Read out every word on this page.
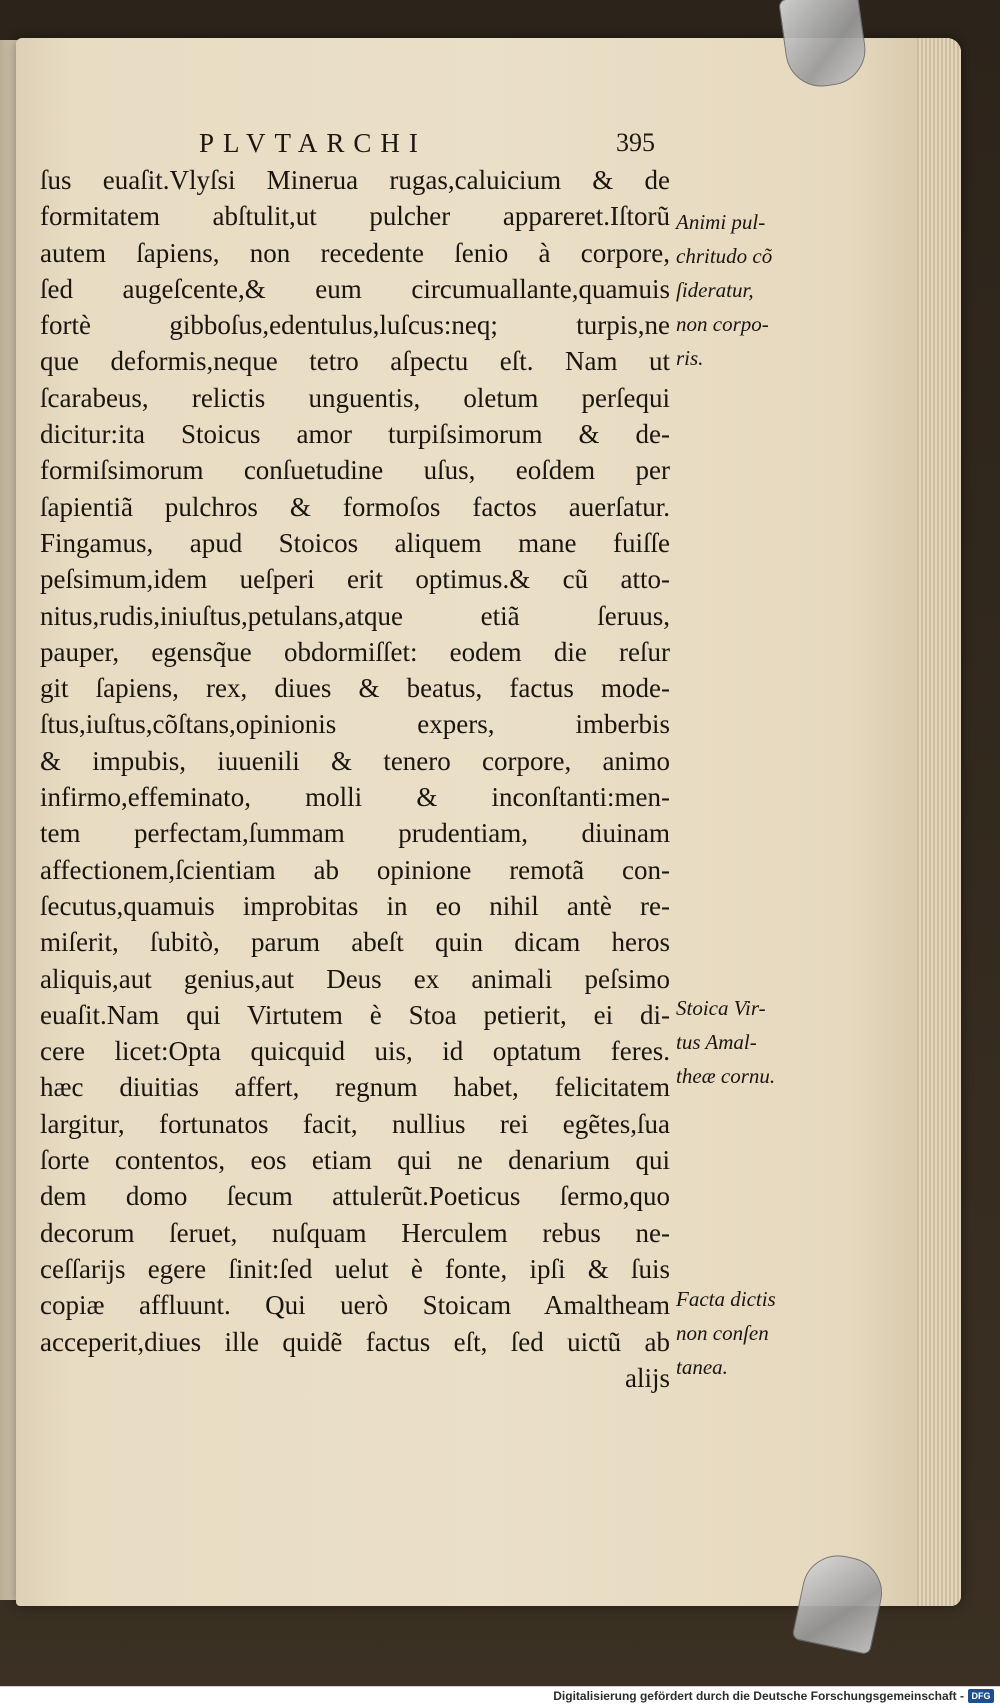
PLVTARCHI	395
ſus euaſit.Vlyſsi Minerua rugas,caluicium & de
formitatem abſtulit,ut pulcher appareret.Iſtorũ
autem ſapiens, non recedente ſenio à corpore,
ſed augeſcente,& eum circumuallante,quamuis
fortè gibboſus,edentulus,luſcus:neq; turpis,ne
que deformis,neque tetro aſpectu eſt. Nam ut
ſcarabeus, relictis unguentis, oletum perſequi
dicitur:ita Stoicus amor turpiſsimorum & de-
formiſsimorum conſuetudine uſus, eoſdem per
ſapientiã pulchros & formoſos factos auerſatur.
Fingamus, apud Stoicos aliquem mane fuiſſe
peſsimum,idem ueſperi erit optimus.& cũ atto-
nitus,rudis,iniuſtus,petulans,atque etiã ſeruus,
pauper, egensq̃ue obdormiſſet: eodem die reſur
git ſapiens, rex, diues & beatus, factus mode-
ſtus,iuſtus,cõſtans,opinionis expers, imberbis
& impubis, iuuenili & tenero corpore, animo
infirmo,effeminato, molli & inconſtanti:men-
tem perfectam,ſummam prudentiam, diuinam
affectionem,ſcientiam ab opinione remotã con-
ſecutus,quamuis improbitas in eo nihil antè re-
miſerit, ſubitò, parum abeſt quin dicam heros
aliquis,aut genius,aut Deus ex animali peſsimo
euaſit.Nam qui Virtutem è Stoa petierit, ei di-
cere licet:Opta quicquid uis, id optatum feres.
hæc diuitias affert, regnum habet, felicitatem
largitur, fortunatos facit, nullius rei egẽtes,ſua
ſorte contentos, eos etiam qui ne denarium qui
dem domo ſecum attulerũt.Poeticus ſermo,quo
decorum ſeruet, nuſquam Herculem rebus ne-
ceſſarijs egere ſinit:ſed uelut è fonte, ipſi & ſuis
copiæ affluunt. Qui uerò Stoicam Amaltheam
acceperit,diues ille quidẽ factus eſt, ſed uictũ ab
aliјs
Animi pul-
chritudo cõ
ſideratur,
non corpo-
ris.
Stoica Vir-
tus Amal-
theæ cornu.
Facta dictis
non conſen
tanea.
Digitalisierung gefördert durch die Deutsche Forschungsgemeinschaft - DFG
